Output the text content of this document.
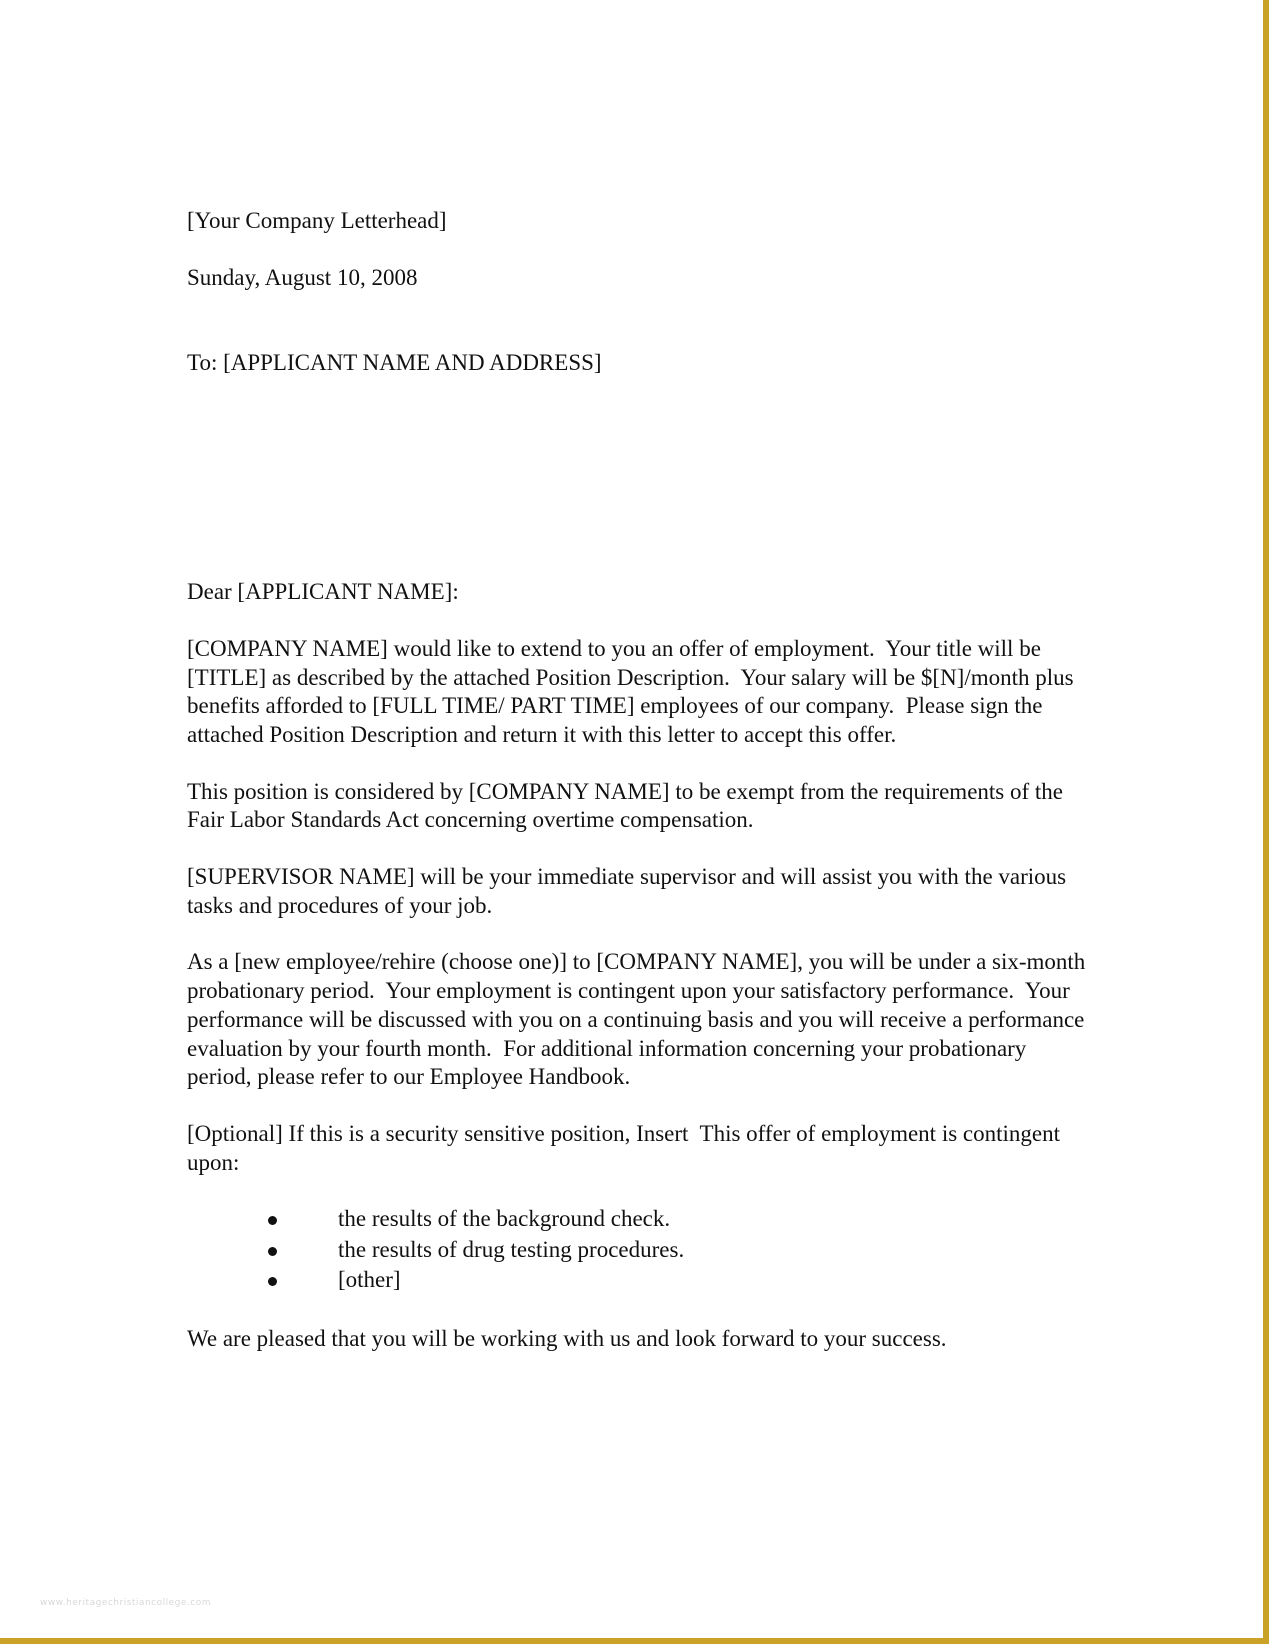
[Your Company Letterhead]

Sunday, August 10, 2008

To: [APPLICANT NAME AND ADDRESS]

Dear [APPLICANT NAME]:

[COMPANY NAME] would like to extend to you an offer of employment.  Your title will be [TITLE] as described by the attached Position Description.  Your salary will be $[N]/month plus benefits afforded to [FULL TIME/ PART TIME] employees of our company.  Please sign the attached Position Description and return it with this letter to accept this offer.

This position is considered by [COMPANY NAME] to be exempt from the requirements of the Fair Labor Standards Act concerning overtime compensation.

[SUPERVISOR NAME] will be your immediate supervisor and will assist you with the various tasks and procedures of your job.

As a [new employee/rehire (choose one)] to [COMPANY NAME], you will be under a six-month probationary period.  Your employment is contingent upon your satisfactory performance.  Your performance will be discussed with you on a continuing basis and you will receive a performance evaluation by your fourth month.  For additional information concerning your probationary period, please refer to our Employee Handbook.

[Optional] If this is a security sensitive position, Insert  This offer of employment is contingent upon:

the results of the background check.
the results of drug testing procedures.
[other]

We are pleased that you will be working with us and look forward to your success.

www.heritagechristiancollege.com
